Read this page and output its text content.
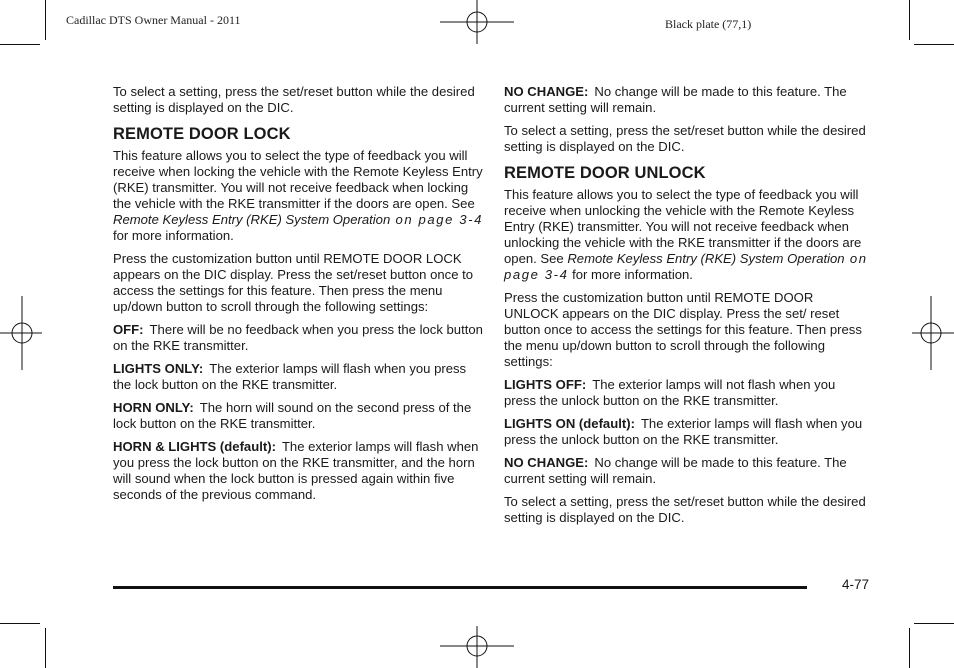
Cadillac DTS Owner Manual - 2011	Black plate (77,1)

To select a setting, press the set/reset button while the desired setting is displayed on the DIC.

REMOTE DOOR LOCK

This feature allows you to select the type of feedback you will receive when locking the vehicle with the Remote Keyless Entry (RKE) transmitter. You will not receive feedback when locking the vehicle with the RKE transmitter if the doors are open. See Remote Keyless Entry (RKE) System Operation on page 3-4 for more information.

Press the customization button until REMOTE DOOR LOCK appears on the DIC display. Press the set/reset button once to access the settings for this feature. Then press the menu up/down button to scroll through the following settings:

OFF: There will be no feedback when you press the lock button on the RKE transmitter.

LIGHTS ONLY: The exterior lamps will flash when you press the lock button on the RKE transmitter.

HORN ONLY: The horn will sound on the second press of the lock button on the RKE transmitter.

HORN & LIGHTS (default): The exterior lamps will flash when you press the lock button on the RKE transmitter, and the horn will sound when the lock button is pressed again within five seconds of the previous command.

NO CHANGE: No change will be made to this feature. The current setting will remain.

To select a setting, press the set/reset button while the desired setting is displayed on the DIC.

REMOTE DOOR UNLOCK

This feature allows you to select the type of feedback you will receive when unlocking the vehicle with the Remote Keyless Entry (RKE) transmitter. You will not receive feedback when unlocking the vehicle with the RKE transmitter if the doors are open. See Remote Keyless Entry (RKE) System Operation on page 3-4 for more information.

Press the customization button until REMOTE DOOR UNLOCK appears on the DIC display. Press the set/ reset button once to access the settings for this feature. Then press the menu up/down button to scroll through the following settings:

LIGHTS OFF: The exterior lamps will not flash when you press the unlock button on the RKE transmitter.

LIGHTS ON (default): The exterior lamps will flash when you press the unlock button on the RKE transmitter.

NO CHANGE: No change will be made to this feature. The current setting will remain.

To select a setting, press the set/reset button while the desired setting is displayed on the DIC.

4-77
